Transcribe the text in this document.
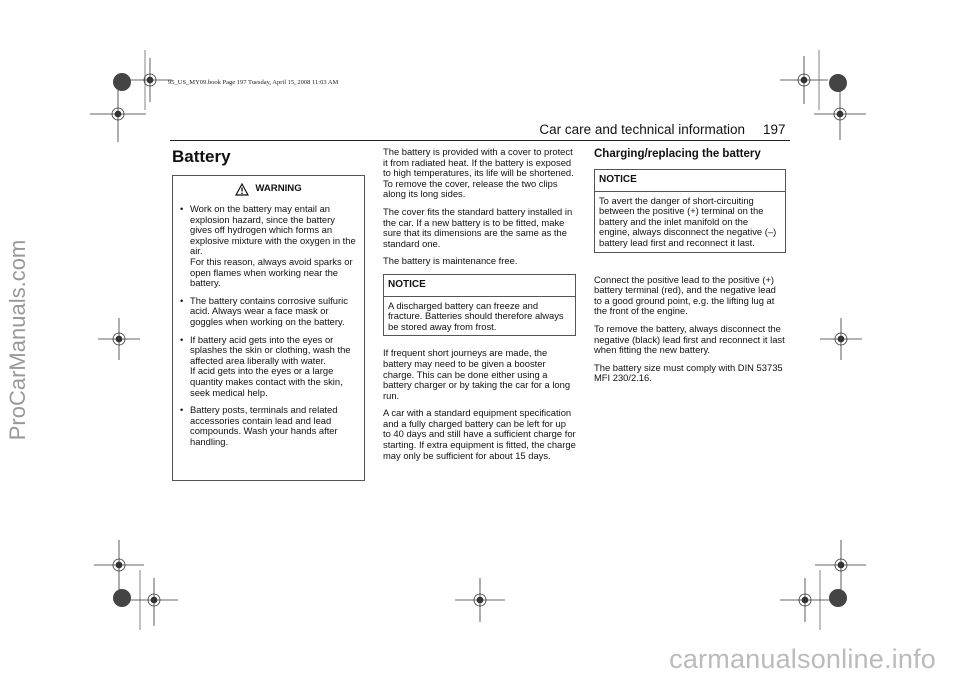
95_US_MY09.book Page 197 Tuesday, April 15, 2008 11:03 AM
ProCarManuals.com
carmanualsonline.info
Car care and technical information 197
Battery
WARNING
• Work on the battery may entail an explosion hazard, since the battery gives off hydrogen which forms an explosive mixture with the oxygen in the air.
For this reason, always avoid sparks or open flames when working near the battery.
• The battery contains corrosive sulfuric acid. Always wear a face mask or goggles when working on the battery.
• If battery acid gets into the eyes or splashes the skin or clothing, wash the affected area liberally with water.
If acid gets into the eyes or a large quantity makes contact with the skin, seek medical help.
• Battery posts, terminals and related accessories contain lead and lead compounds. Wash your hands after handling.

The battery is provided with a cover to protect it from radiated heat. If the battery is exposed to high temperatures, its life will be shortened. To remove the cover, release the two clips along its long sides.

The cover fits the standard battery installed in the car. If a new battery is to be fitted, make sure that its dimensions are the same as the standard one.

The battery is maintenance free.

NOTICE
A discharged battery can freeze and fracture. Batteries should therefore always be stored away from frost.

If frequent short journeys are made, the battery may need to be given a booster charge. This can be done either using a battery charger or by taking the car for a long run.

A car with a standard equipment specification and a fully charged battery can be left for up to 40 days and still have a sufficient charge for starting. If extra equipment is fitted, the charge may only be sufficient for about 15 days.

Charging/replacing the battery
NOTICE
To avert the danger of short-circuiting between the positive (+) terminal on the battery and the inlet manifold on the engine, always disconnect the negative (–) battery lead first and reconnect it last.

Connect the positive lead to the positive (+) battery terminal (red), and the negative lead to a good ground point, e.g. the lifting lug at the front of the engine.

To remove the battery, always disconnect the negative (black) lead first and reconnect it last when fitting the new battery.

The battery size must comply with DIN 53735 MFI 230/2.16.
